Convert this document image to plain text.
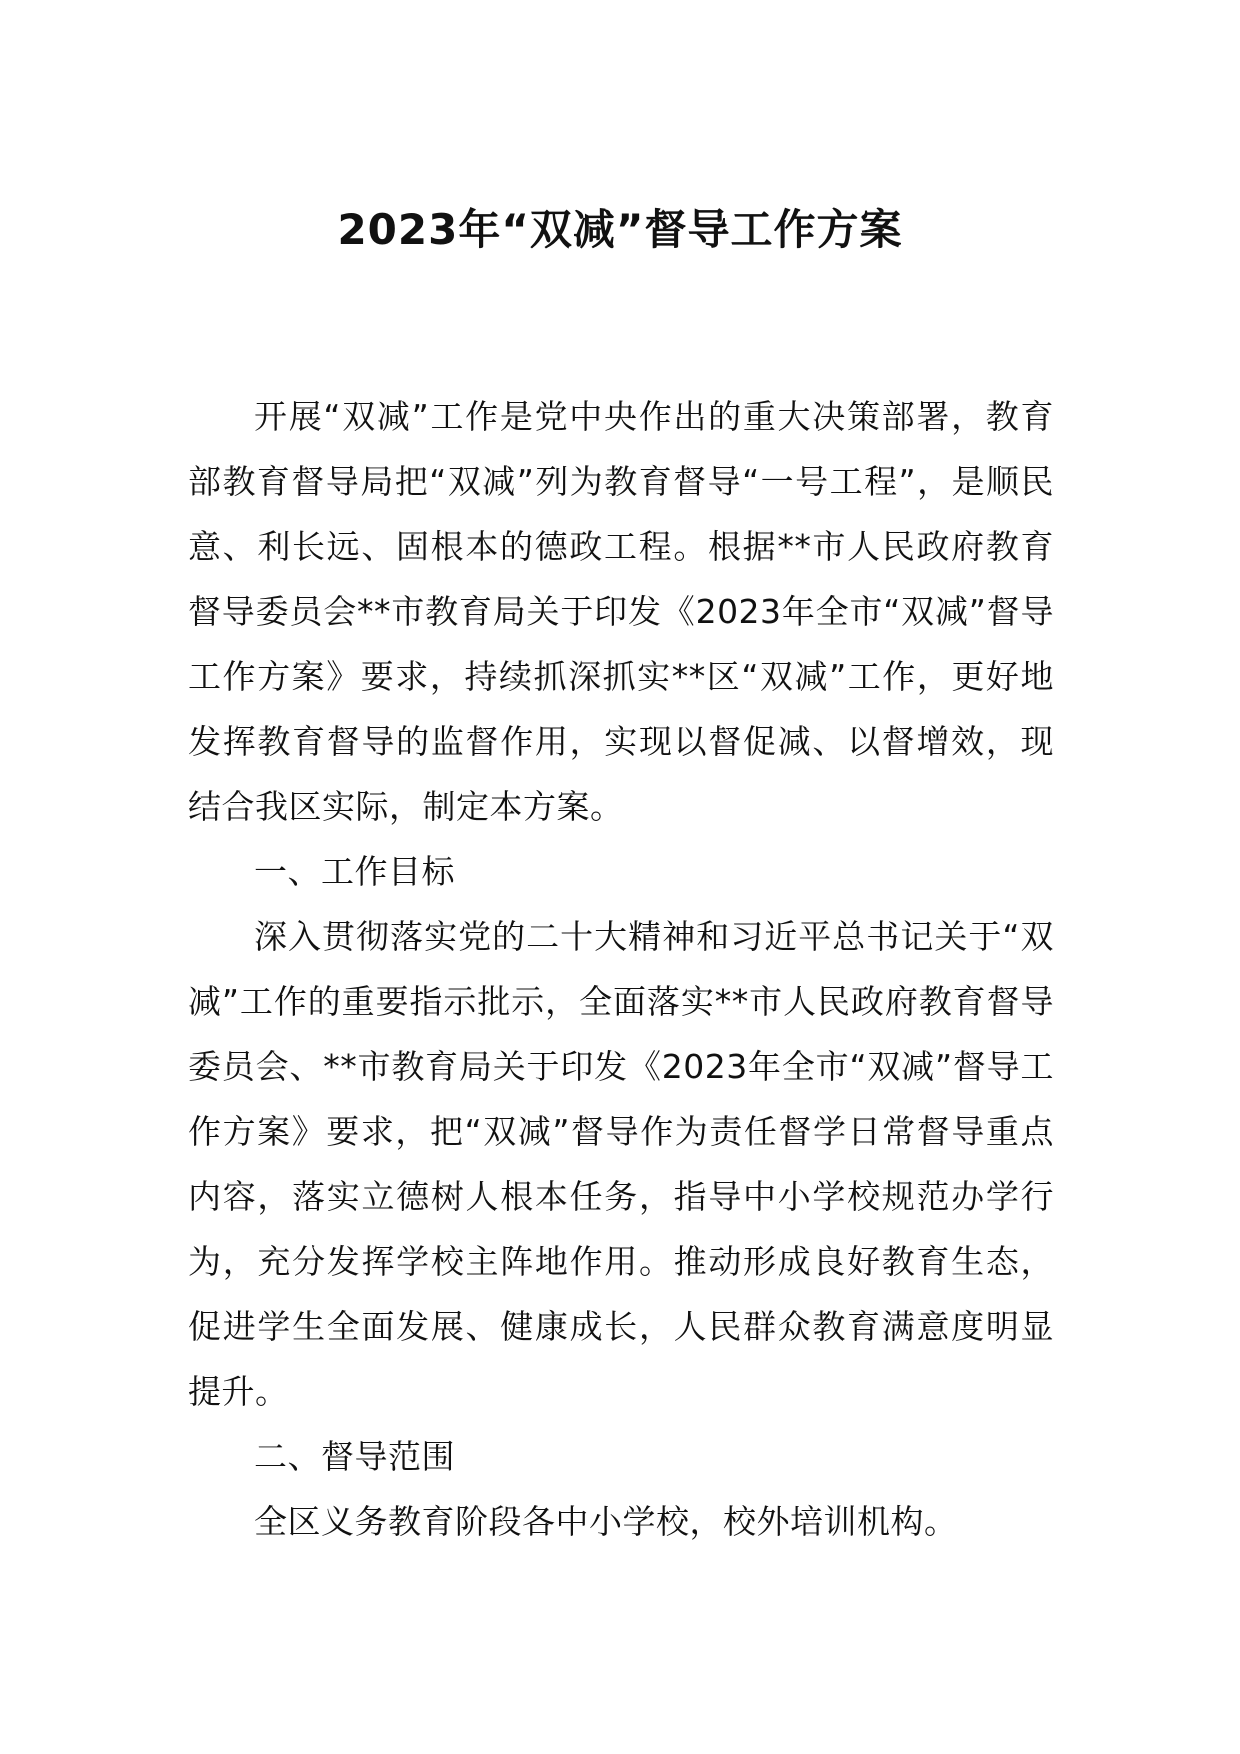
2023年“双减”督导工作方案

开展“双减”工作是党中央作出的重大决策部署，教育部教育督导局把“双减”列为教育督导“一号工程”，是顺民意、利长远、固根本的德政工程。根据**市人民政府教育督导委员会**市教育局关于印发《2023年全市“双减”督导工作方案》要求，持续抓深抓实**区“双减”工作，更好地发挥教育督导的监督作用，实现以督促减、以督增效，现结合我区实际，制定本方案。

一、工作目标

深入贯彻落实党的二十大精神和习近平总书记关于“双减”工作的重要指示批示，全面落实**市人民政府教育督导委员会、**市教育局关于印发《2023年全市“双减”督导工作方案》要求，把“双减”督导作为责任督学日常督导重点内容，落实立德树人根本任务，指导中小学校规范办学行为，充分发挥学校主阵地作用。推动形成良好教育生态，促进学生全面发展、健康成长，人民群众教育满意度明显提升。

二、督导范围

全区义务教育阶段各中小学校，校外培训机构。
